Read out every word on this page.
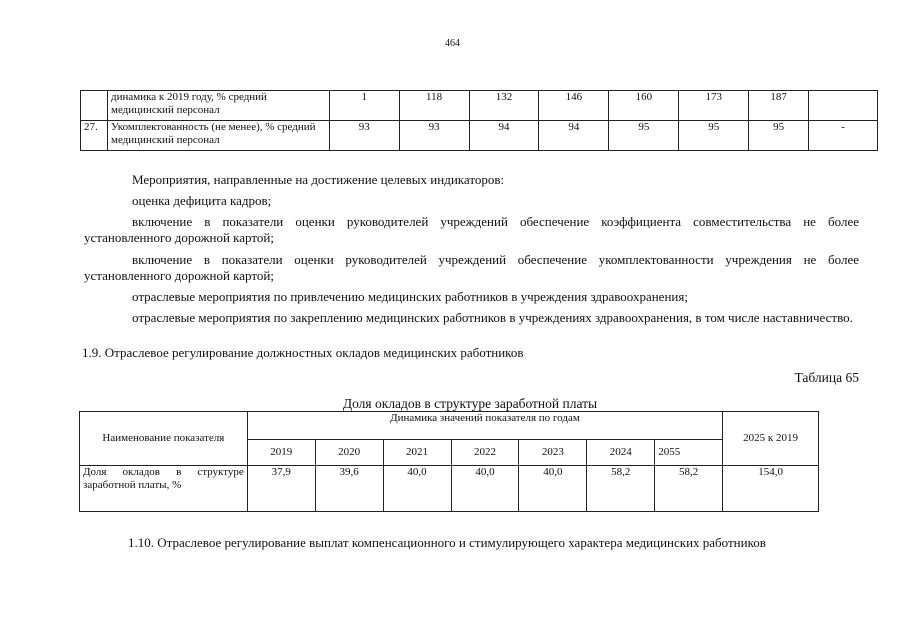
464
	динамика к 2019 году, % средний медицинский персонал	1	118	132	146	160	173	187	
27.	Укомплектованность (не менее), % средний медицинский персонал	93	93	94	94	95	95	95	-

Мероприятия, направленные на достижение целевых индикаторов:

оценка дефицита кадров;

включение в показатели оценки руководителей учреждений обеспечение коэффициента совместительства не более установленного дорожной картой;

включение в показатели оценки руководителей учреждений обеспечение укомплектованности учреждения не более установленного дорожной картой;

отраслевые мероприятия по привлечению медицинских работников в учреждения здравоохранения;

отраслевые мероприятия по закреплению медицинских работников в учреждениях здравоохранения, в том числе наставничество.

1.9. Отраслевое регулирование должностных окладов медицинских работников
Таблица 65
Доля окладов в структуре заработной платы
Наименование показателя	Динамика значений показателя по годам							2025 к 2019
	2019	2020	2021	2022	2023	2024	2055	
Доля окладов в структуре заработной платы, %	37,9	39,6	40,0	40,0	40,0	58,2	58,2	154,0
1.10. Отраслевое регулирование выплат компенсационного и стимулирующего характера медицинских работников
